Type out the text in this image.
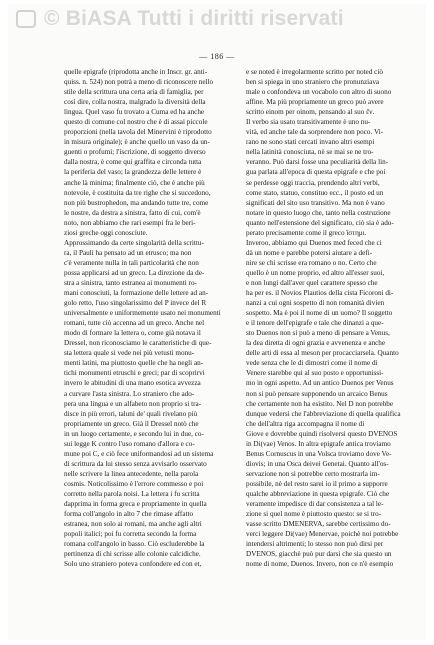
© BiASA Tutti i diritti riservati
— 186 —
quelle epigrafe (riprodotta anche in Inscr. gr. anti-
quiss. n. 524) non potrà a meno di riconoscere nello
stile della scrittura una certa aria di famiglia, per
così dire, colla nostra, malgrado la diversità della
lingua. Quel vaso fu trovato a Cuma ed ha anche
questo di comune col nostro che è di assai piccole
proporzioni (nella tavola del Minervini è riprodotto
in misura originale); è anche quello un vaso da un-
guenti o profumi; l'iscrizione, di soggetto diverso
dalla nostra, è come qui graffita e circonda tutta
la periferia del vaso; la grandezza delle lettere è
anche là minima; finalmente ciò, che è anche più
notevole, è costituita da tre righe che si succedono,
non più bustrophedon, ma andando tutte tre, come
le nostre, da destra a sinistra, fatto di cui, com'è
noto, non abbiamo che rari esempi fra le beri-
ziosi greche oggi conosciute.
Approssimando da certe singolarità della scrittu-
ra, il Pauli ha pensato ad un etrusco; ma non
c'è veramente nulla in tali particolarità che non
possa applicarsi ad un greco. La direzione da de-
stra a sinistra, tanto estranea ai monumenti ro-
mani conosciuti, la formazione delle lettere ad an-
golo retto, l'uso singolarissimo del P invece del R
universalmente e uniformemente usato nei monumenti
romani, tutte ciò accenna ad un greco. Anche nel
modo di formare la lettera o, come già notava il
Dressel, non riconosciamo le caratteristiche di que-
sta lettera quale si vede nei più vetusti monu-
menti latini, ma piuttosto quelle che ha negli an-
tichi monumenti etruschi e greci; par di scoprirvi
invero le abitudini di una mano esotica avvezza
a curvare l'asta sinistra. Lo straniero che ado-
pera una lingua e un alfabeto non proprio si tra-
disce in più errori, taluni de' quali rivelano più
propriamente un greco. Già il Dressel notò che
in un luogo certamente, e secondo lui in due, co-
sui legge K contro l'uso romano d'allora e co-
mune poi C, e ciò fece uniformandosi ad un sistema
di scrittura da lui stesso senza avvisarlo osservato
nelle scrivere la linea antecedente, nella parola
cosmis. Noticolissimo è l'errore commesso e poi
corretto nella parola noisi. La lettera i fu scritta
dapprima in forma greca e propriamente in quella
forma coll'angolo in alto 7 che rimase affatto
estranea, non solo ai romani, ma anche agli altri
popoli italici; poi fu corretta secondo la forma
romana coll'angolo in basso. Ciò escluderebbe la
pertinenza di chi scrisse alle colonie calcidiche.
Solo uno straniero poteva confondere ed con et,
e se noted è irregolarmente scritto per noted ciò
ben si spiega in uno straniero che pronunziava
male o confondeva un vocabolo con altro di suono
affine. Ma più propriamente un greco può avere
scritto einom per oinom, pensando al suo ἕν.
Il verbo sia usato transitivamente è uno nu-
vità, ed anche tale da sorprendere non poco. Vi-
rano ne sono stati cercati invano altri esempi
nella latinità conosciuta, nè se mai se ne tro-
veranno. Può darsi fosse una peculiarità della lin-
gua parlata all'epoca di questa epigrafe e che poi
se perdesse oggi traccia, prendendo altri verbi,
come stato, statuo, constituo ecc., il posto ed un
significati del sito uso transitivo. Ma non è vano
notare in questo luogo che, tanto nella costruzione
quanto nell'estensione del significato, ciò sia è ado-
perato precisamente come il greco ἵστημι.
Inveroo, abbiamo qui Duenos med feced che ci
dà un nome e parebbe potersi aiutare a defi-
nire se chi scrisse era romano o no. Certo che
quello è un nome proprio, ed altro all'esser suoi,
e non lungi dall'aver quel carattere spesso che
ha per es. il Novios Plautios della cista Ficoroni di-
nanzi a cui ogni sospetto di non romanità divien
sospetto. Ma è poi il nome di un uomo? Il soggetto
e il tenore dell'epigrafe e tale che dinanzi a que-
sto Duenos non si può a meno di pensare a Venus,
la dea diretta di ogni grazia e avvenenza e anche
delle arti di essa al meson per procacciarsela. Quanto
vede senza che le di dimostri come il nome di
Venere starebbe qui al suo posto e opportunissi-
mo in ogni aspetto. Ad un antico Duenos per Venus
non si può pensare supponendo un arcaico Benus
che certamente non ha esistito. Nel D non potrebbe
dunque vedersi che l'abbreviazione di quella qualifica
che dell'altra riga accompagna il nome di
Giove e dovrebbe quindi risolversi questo DVENOS
in Di(vae) Venos. In altra epigrafe antica troviamo
Benus Cornuscus in una Volsca troviamo dove Ve-
diovis; in una Osca deivei Genetai. Quanto all'os-
servazione non si potrebbe certo mostrarla im-
possibile, nè del resto sarei io il primo a supporre
qualche abbreviazione in questa epigrafe. Ciò che
veramente impedisce di dar consistenza a tal le-
zione si quel nome è piuttosto questo: se si tro-
vasse scritto DMENERVA, sarebbe certissimo do-
verci leggere Di(vae) Menervae, poichè noi potrebbe
intendersi altrimenti; lo stesso non può dirsi per
DVENOS, giacchè può pur darsi che sia questo un
nome di nome, Duenos. Invero, non ce n'è esempio
